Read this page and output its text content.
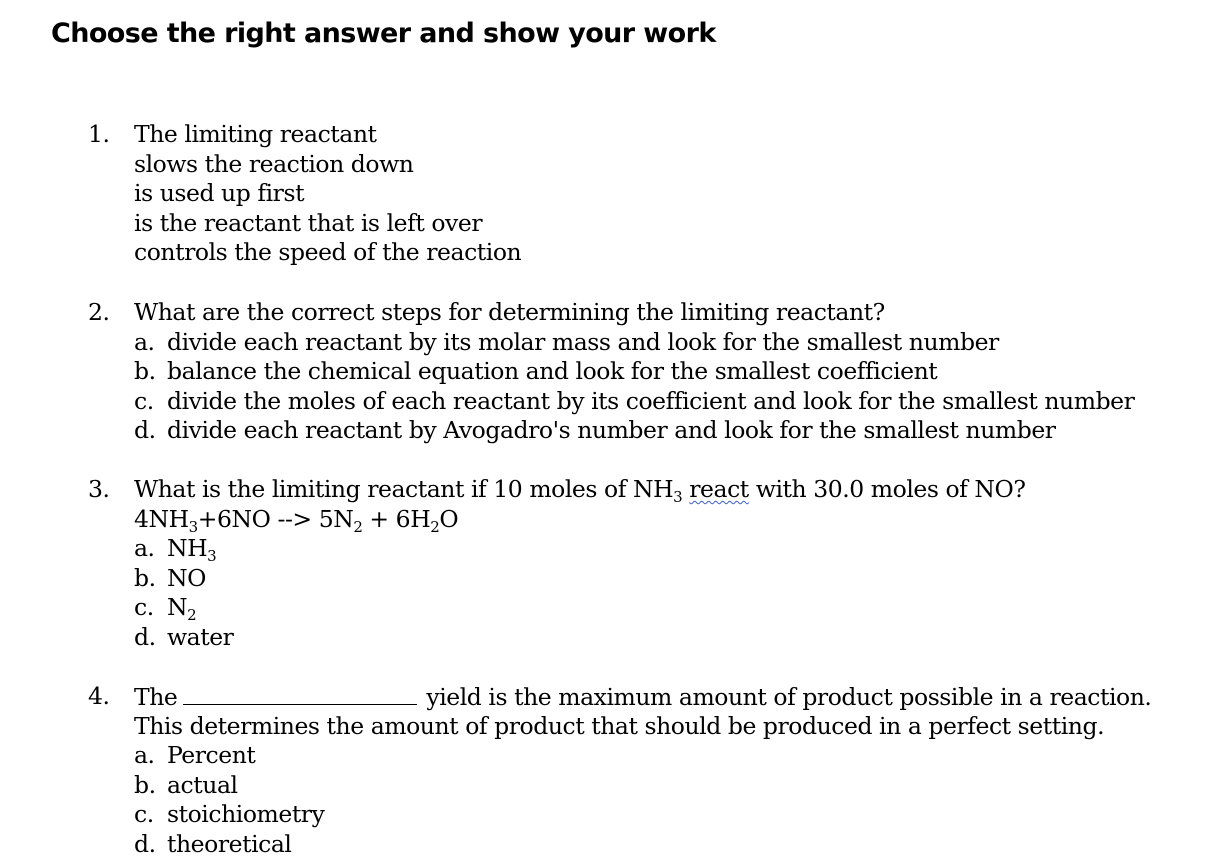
Choose the right answer and show your work
1.	The limiting reactant
slows the reaction down
is used up first
is the reactant that is left over
controls the speed of the reaction
2.	What are the correct steps for determining the limiting reactant?
a. divide each reactant by its molar mass and look for the smallest number
b. balance the chemical equation and look for the smallest coefficient
c. divide the moles of each reactant by its coefficient and look for the smallest number
d. divide each reactant by Avogadro's number and look for the smallest number
3.	What is the limiting reactant if 10 moles of $NH_3$ react with 30.0 moles of NO?
$4NH_3+6NO$ --> $5N_2 + 6H_2O$
a. $NH_3$
b. NO
c. $N_2$
d. water
4.	The	yield is the maximum amount of product possible in a reaction.
This determines the amount of product that should be produced in a perfect setting.
a. Percent
b. actual
c. stoichiometry
d. theoretical
